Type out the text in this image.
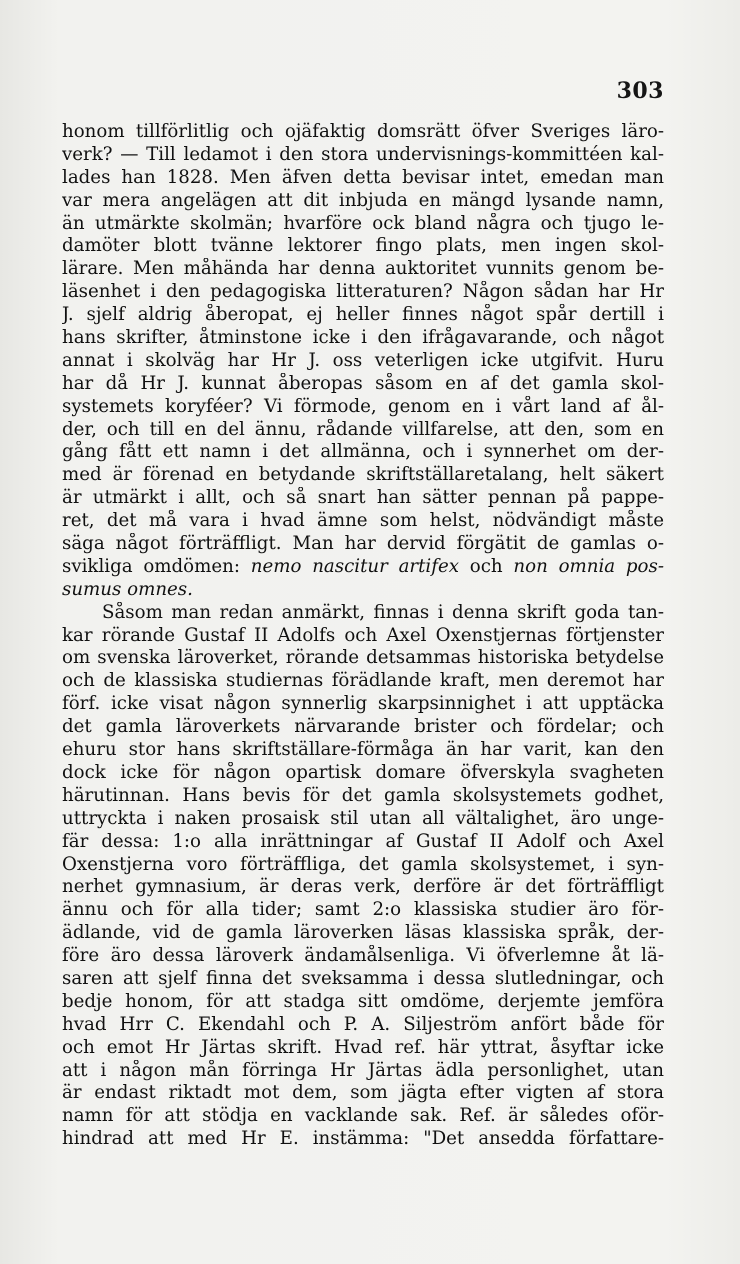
303
honom tillförlitlig och ojäfaktig domsrätt öfver Sveriges läro-
verk? — Till ledamot i den stora undervisnings-kommittéen kal-
lades han 1828. Men äfven detta bevisar intet, emedan man
var mera angelägen att dit inbjuda en mängd lysande namn,
än utmärkte skolmän; hvarföre ock bland några och tjugo le-
damöter blott tvänne lektorer fingo plats, men ingen skol-
lärare. Men måhända har denna auktoritet vunnits genom be-
läsenhet i den pedagogiska litteraturen? Någon sådan har Hr
J. sjelf aldrig åberopat, ej heller finnes något spår dertill i
hans skrifter, åtminstone icke i den ifrågavarande, och något
annat i skolväg har Hr J. oss veterligen icke utgifvit. Huru
har då Hr J. kunnat åberopas såsom en af det gamla skol-
systemets koryféer? Vi förmode, genom en i vårt land af ål-
der, och till en del ännu, rådande villfarelse, att den, som en
gång fått ett namn i det allmänna, och i synnerhet om der-
med är förenad en betydande skriftställaretalang, helt säkert
är utmärkt i allt, och så snart han sätter pennan på pappe-
ret, det må vara i hvad ämne som helst, nödvändigt måste
säga något förträffligt. Man har dervid förgätit de gamlas o-
svikliga omdömen: nemo nascitur artifex och non omnia pos-
sumus omnes.
Såsom man redan anmärkt, finnas i denna skrift goda tan-
kar rörande Gustaf II Adolfs och Axel Oxenstjernas förtjenster
om svenska läroverket, rörande detsammas historiska betydelse
och de klassiska studiernas förädlande kraft, men deremot har
förf. icke visat någon synnerlig skarpsinnighet i att upptäcka
det gamla läroverkets närvarande brister och fördelar; och
ehuru stor hans skriftställare-förmåga än har varit, kan den
dock icke för någon opartisk domare öfverskyla svagheten
härutinnan. Hans bevis för det gamla skolsystemets godhet,
uttryckta i naken prosaisk stil utan all vältalighet, äro unge-
fär dessa: 1:o alla inrättningar af Gustaf II Adolf och Axel
Oxenstjerna voro förträffliga, det gamla skolsystemet, i syn-
nerhet gymnasium, är deras verk, derföre är det förträffligt
ännu och för alla tider; samt 2:o klassiska studier äro för-
ädlande, vid de gamla läroverken läsas klassiska språk, der-
före äro dessa läroverk ändamålsenliga. Vi öfverlemne åt lä-
saren att sjelf finna det sveksamma i dessa slutledningar, och
bedje honom, för att stadga sitt omdöme, derjemte jemföra
hvad Hrr C. Ekendahl och P. A. Siljeström anfört både för
och emot Hr Järtas skrift. Hvad ref. här yttrat, åsyftar icke
att i någon mån förringa Hr Järtas ädla personlighet, utan
är endast riktadt mot dem, som jägta efter vigten af stora
namn för att stödja en vacklande sak. Ref. är således oför-
hindrad att med Hr E. instämma: "Det ansedda författare-
